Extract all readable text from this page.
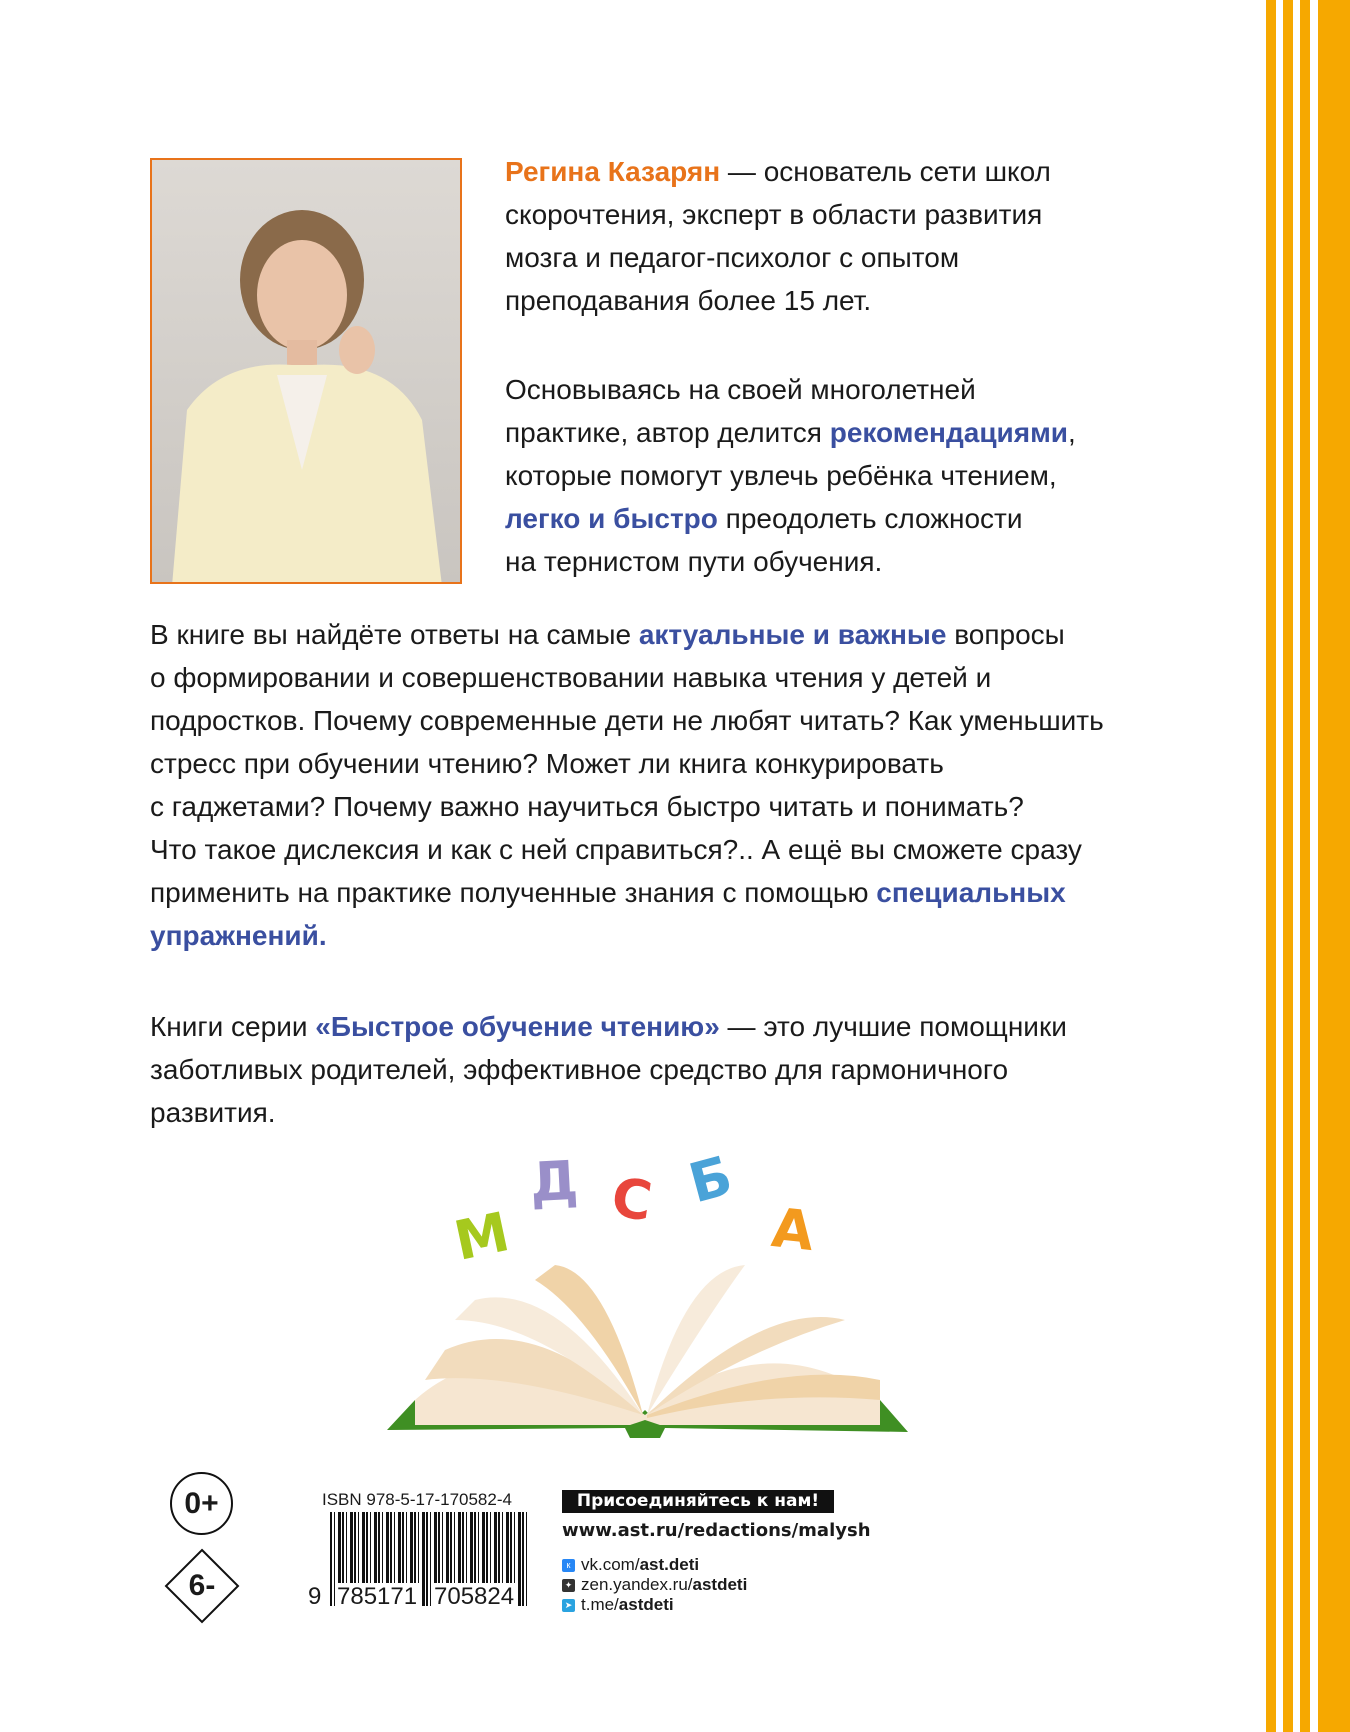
Регина Казарян — основатель сети школ
скорочтения, эксперт в области развития
мозга и педагог-психолог с опытом
преподавания более 15 лет.
Основываясь на своей многолетней
практике, автор делится рекомендациями,
которые помогут увлечь ребёнка чтением,
легко и быстро преодолеть сложности
на тернистом пути обучения.
В книге вы найдёте ответы на самые актуальные и важные вопросы
о формировании и совершенствовании навыка чтения у детей и
подростков. Почему современные дети не любят читать? Как уменьшить
стресс при обучении чтению? Может ли книга конкурировать
с гаджетами? Почему важно научиться быстро читать и понимать?
Что такое дислексия и как с ней справиться?.. А ещё вы сможете сразу
применить на практике полученные знания с помощью специальных
упражнений.
Книги серии «Быстрое обучение чтению» — это лучшие помощники
заботливых родителей, эффективное средство для гармоничного
развития.
М
Д С Б
А
0+
6-
ISBN 978-5-17-170582-4
9 785171 705824
Присоединяйтесь к нам!
www.ast.ru/redactions/malysh
к vk.com/ ast.deti
✦ zen.yandex.ru/ astdeti
➤ t.me/ astdeti
